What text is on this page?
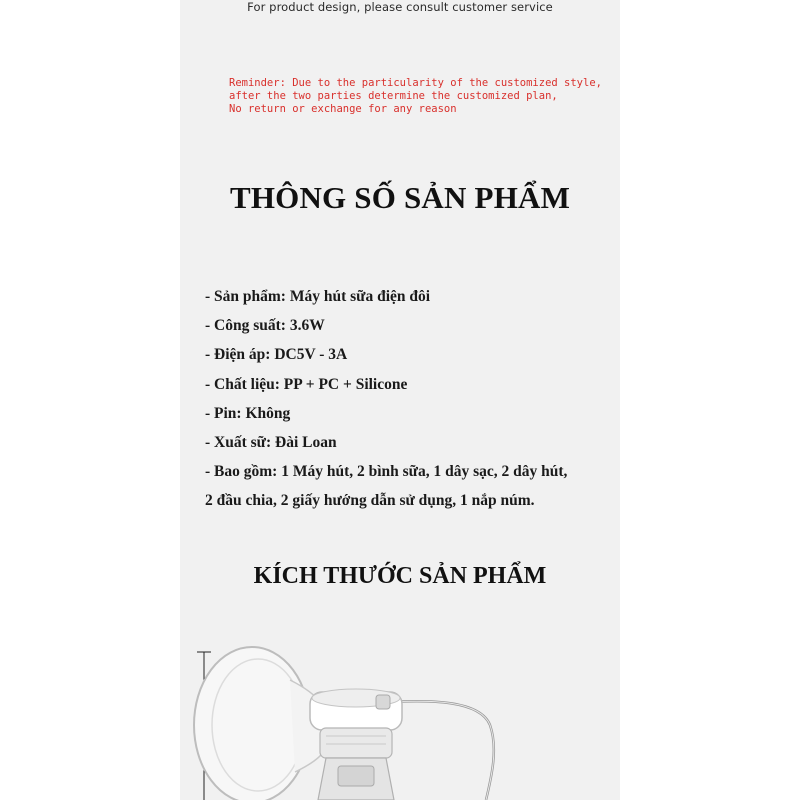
For product design, please consult customer service
Reminder: Due to the particularity of the customized style,
after the two parties determine the customized plan,
No return or exchange for any reason
THÔNG SỐ SẢN PHẨM
- Sản phẩm: Máy hút sữa điện đôi
- Công suất: 3.6W
- Điện áp: DC5V - 3A
- Chất liệu: PP + PC + Silicone
- Pin: Không
- Xuất sữ: Đài Loan
- Bao gồm: 1 Máy hút, 2 bình sữa, 1 dây sạc, 2 dây hút,
2 đầu chia, 2 giấy hướng dẫn sử dụng, 1 nắp núm.
KÍCH THƯỚC SẢN PHẨM
